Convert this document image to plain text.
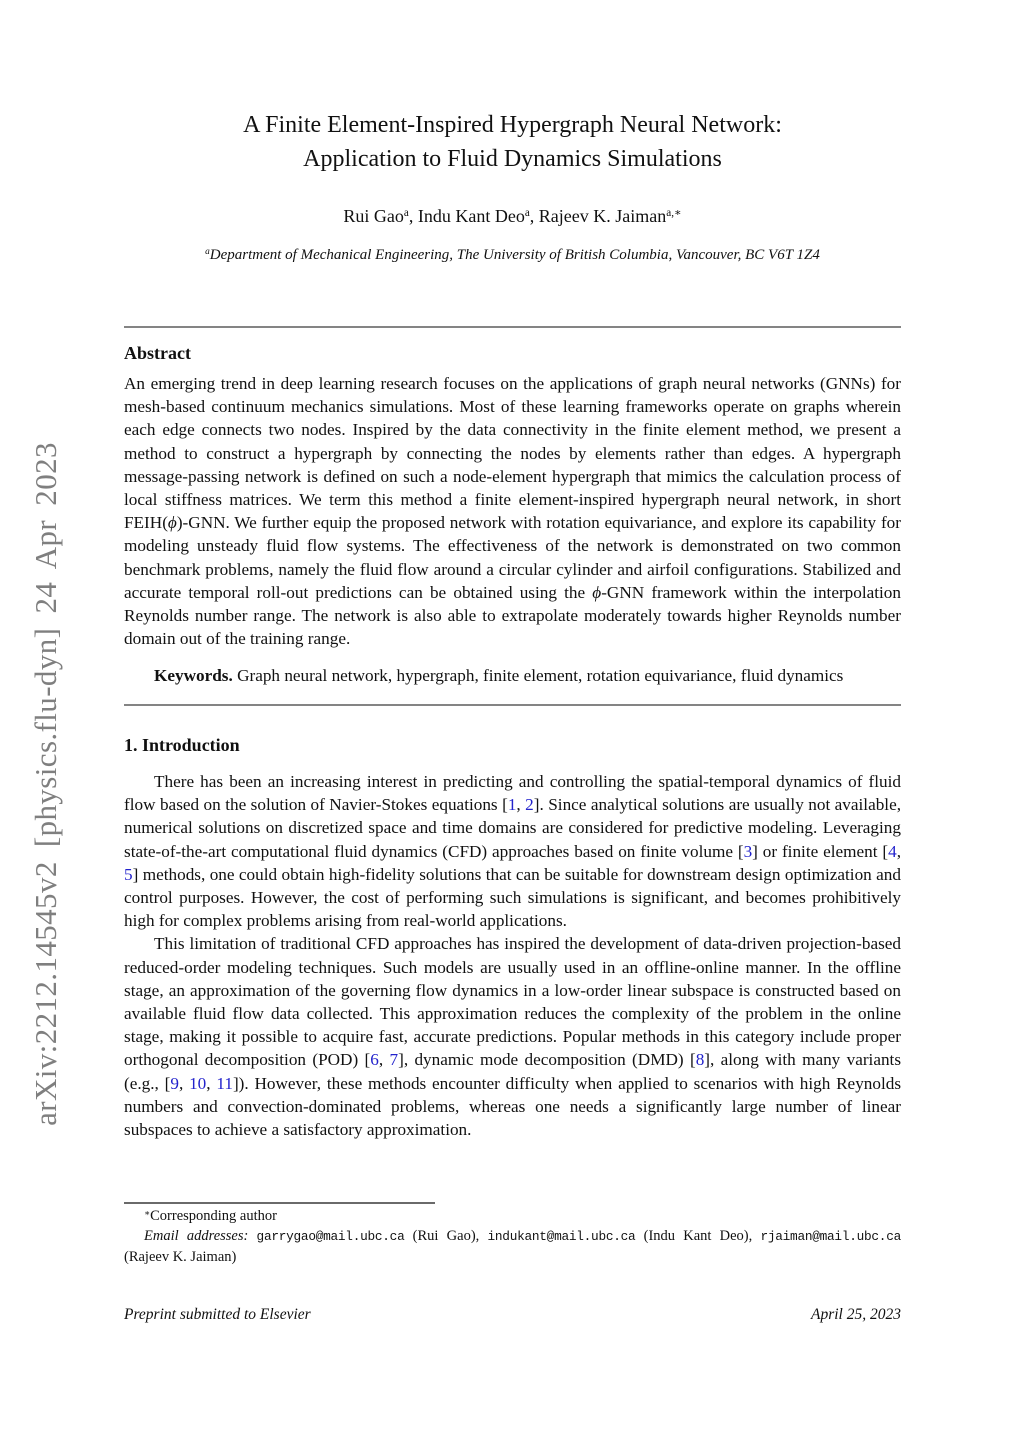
arXiv:2212.14545v2 [physics.flu-dyn] 24 Apr 2023
A Finite Element-Inspired Hypergraph Neural Network:
Application to Fluid Dynamics Simulations
Rui Gao$^a$, Indu Kant Deo$^a$, Rajeev K. Jaiman$^{a,∗}$
$^a$Department of Mechanical Engineering, The University of British Columbia, Vancouver, BC V6T 1Z4
Abstract
An emerging trend in deep learning research focuses on the applications of graph neural networks (GNNs) for mesh-based continuum mechanics simulations. Most of these learning frameworks operate on graphs wherein each edge connects two nodes. Inspired by the data connectivity in the finite element method, we present a method to construct a hypergraph by connecting the nodes by elements rather than edges. A hypergraph message-passing network is defined on such a node-element hypergraph that mimics the calculation process of local stiffness matrices. We term this method a finite element-inspired hypergraph neural network, in short FEIH(ϕ)-GNN. We further equip the proposed network with rotation equivariance, and explore its capability for modeling unsteady fluid flow systems. The effectiveness of the network is demonstrated on two common benchmark problems, namely the fluid flow around a circular cylinder and airfoil configurations. Stabilized and accurate temporal roll-out predictions can be obtained using the ϕ-GNN framework within the interpolation Reynolds number range. The network is also able to extrapolate moderately towards higher Reynolds number domain out of the training range.
Keywords. Graph neural network, hypergraph, finite element, rotation equivariance, fluid dynamics
1. Introduction

There has been an increasing interest in predicting and controlling the spatial-temporal dynamics of fluid flow based on the solution of Navier-Stokes equations [1, 2]. Since analytical solutions are usually not available, numerical solutions on discretized space and time domains are considered for predictive modeling. Leveraging state-of-the-art computational fluid dynamics (CFD) approaches based on finite volume [3] or finite element [4, 5] methods, one could obtain high-fidelity solutions that can be suitable for downstream design optimization and control purposes. However, the cost of performing such simulations is significant, and becomes prohibitively high for complex problems arising from real-world applications.

This limitation of traditional CFD approaches has inspired the development of data-driven projection-based reduced-order modeling techniques. Such models are usually used in an offline-online manner. In the offline stage, an approximation of the governing flow dynamics in a low-order linear subspace is constructed based on available fluid flow data collected. This approximation reduces the complexity of the problem in the online stage, making it possible to acquire fast, accurate predictions. Popular methods in this category include proper orthogonal decomposition (POD) [6, 7], dynamic mode decomposition (DMD) [8], along with many variants (e.g., [9, 10, 11]). However, these methods encounter difficulty when applied to scenarios with high Reynolds numbers and convection-dominated problems, whereas one needs a significantly large number of linear subspaces to achieve a satisfactory approximation.

∗Corresponding author

Email addresses: garrygao@mail.ubc.ca (Rui Gao), indukant@mail.ubc.ca (Indu Kant Deo), rjaiman@mail.ubc.ca (Rajeev K. Jaiman)

Preprint submitted to Elsevier	April 25, 2023
